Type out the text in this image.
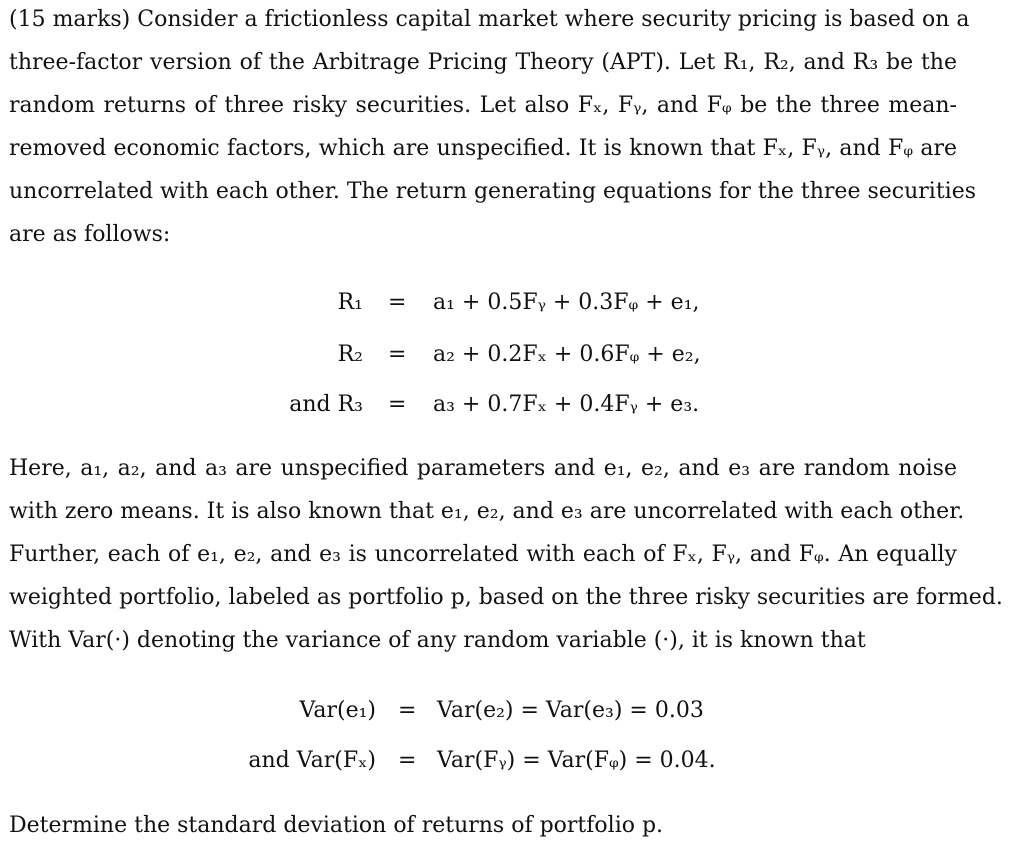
(15 marks) Consider a frictionless capital market where security pricing is based on a
three-factor version of the Arbitrage Pricing Theory (APT). Let R₁, R₂, and R₃ be the
random returns of three risky securities. Let also Fₓ, Fᵧ, and Fᵩ be the three mean-
removed economic factors, which are unspecified. It is known that Fₓ, Fᵧ, and Fᵩ are
uncorrelated with each other. The return generating equations for the three securities
are as follows:
R₁ = a₁ + 0.5Fᵧ + 0.3Fᵩ + e₁,
R₂ = a₂ + 0.2Fₓ + 0.6Fᵩ + e₂,
and R₃ = a₃ + 0.7Fₓ + 0.4Fᵧ + e₃.
Here, a₁, a₂, and a₃ are unspecified parameters and e₁, e₂, and e₃ are random noise
with zero means. It is also known that e₁, e₂, and e₃ are uncorrelated with each other.
Further, each of e₁, e₂, and e₃ is uncorrelated with each of Fₓ, Fᵧ, and Fᵩ. An equally
weighted portfolio, labeled as portfolio p, based on the three risky securities are formed.
With Var(·) denoting the variance of any random variable (·), it is known that
Var(e₁) = Var(e₂) = Var(e₃) = 0.03
and Var(Fₓ) = Var(Fᵧ) = Var(Fᵩ) = 0.04.
Determine the standard deviation of returns of portfolio p.
